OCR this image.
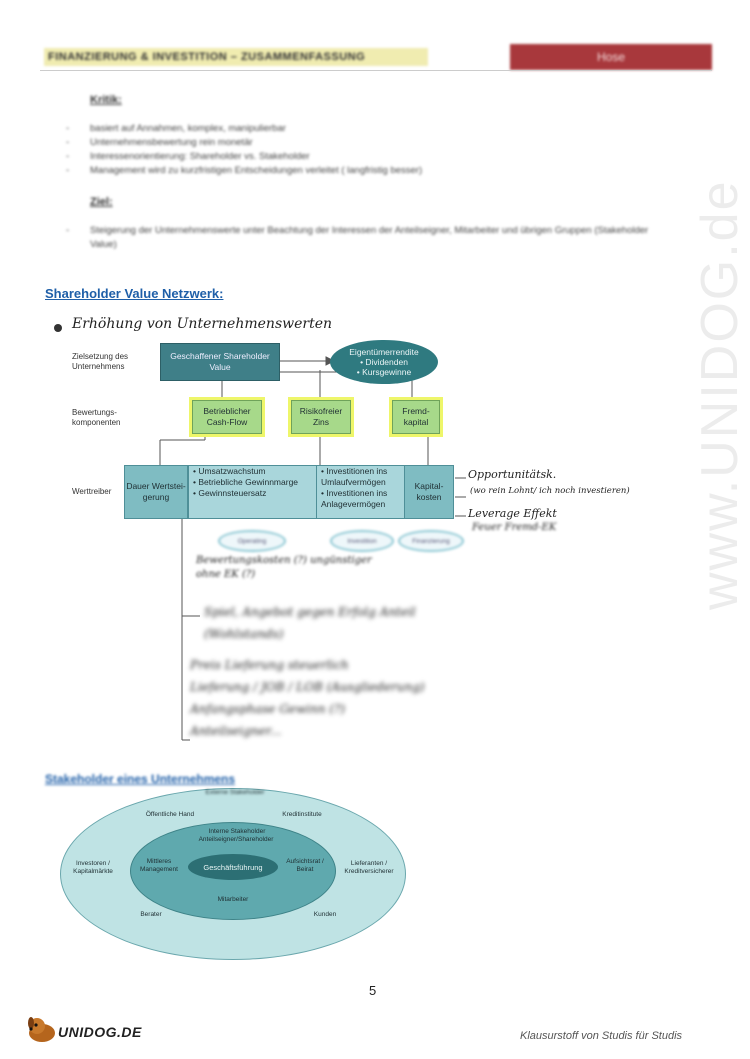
FINANZIERUNG & INVESTITION – ZUSAMMENFASSUNG	Hose
Kritik:
- basiert auf Annahmen, komplex, manipulierbar
- Unternehmensbewertung rein monetär
- Interessenorientierung: Shareholder vs. Stakeholder
- Management wird zu kurzfristigen Entscheidungen verleitet ( langfristig besser)
Ziel:
- Steigerung der Unternehmenswerte unter Beachtung der Interessen der Anteilseigner, Mitarbeiter und übrigen Gruppen (Stakeholder Value)
Shareholder Value Netzwerk:	www.UNIDOG.de
Erhöhung von Unternehmenswerten
Zielsetzung des Unternehmens
Bewertungs-komponenten
Werttreiber
Geschaffener Shareholder Value
Eigentümerrendite
• Dividenden
• Kursgewinne
Betrieblicher Cash-Flow
Risikofreier Zins
Fremd-kapital
Dauer Wertstei-gerung
• Umsatzwachstum
• Betriebliche Gewinnmarge
• Gewinnsteuersatz
• Investitionen ins Umlaufvermögen
• Investitionen ins Anlagevermögen
Kapital-kosten
Operating	Investition	Finanzierung
Opportunitätsk.
(wo rein Lohnt/ ich noch investieren)
Leverage Effekt
Feuer Fremd-EK
Bewertungskosten (?) ungünstiger
ohne EK (?)
Spiel, Angebot gegen Erfolg Anteil
(Wohlstands)
Preis Lieferung steuerlich
Lieferung / JOB / LOB (Ausgliederung)
Anfangsphase Gewinn (?)
Anteilseigner...
Stakeholder eines Unternehmens
Geschäftsführung
Externe Stakeholder
Öffentliche Hand	Kreditinstitute
Investoren / Kapitalmärkte
Lieferanten / Kreditversicherer
Berater	Kunden
Interne Stakeholder
Anteilseigner/Shareholder
Mittleres Management
Aufsichtsrat / Beirat
Mitarbeiter
5
UNIDOG.DE	Klausurstoff von Studis für Studis
